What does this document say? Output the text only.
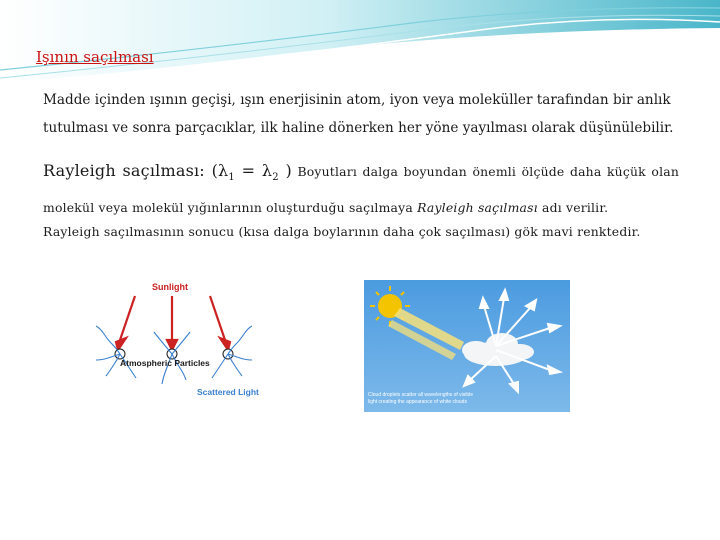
Işının saçılması
Madde içinden ışının geçişi, ışın enerjisinin atom, iyon veya moleküller tarafından bir anlık tutulması ve sonra parçacıklar, ilk haline dönerken her yöne yayılması olarak düşünülebilir.
Rayleigh saçılması: ($\lambda_1 = \lambda_2$ ) Boyutları dalga boyundan önemli ölçüde daha küçük olan molekül veya molekül yığınlarının oluşturduğu saçılmaya Rayleigh saçılması adı verilir.
Rayleigh saçılmasının sonucu (kısa dalga boylarının daha çok saçılması) gök mavi renktedir.
Sunlight
Atmospheric Particles
Scattered Light	Cloud droplets scatter all wavelengths of visible
light creating the appearance of white clouds
